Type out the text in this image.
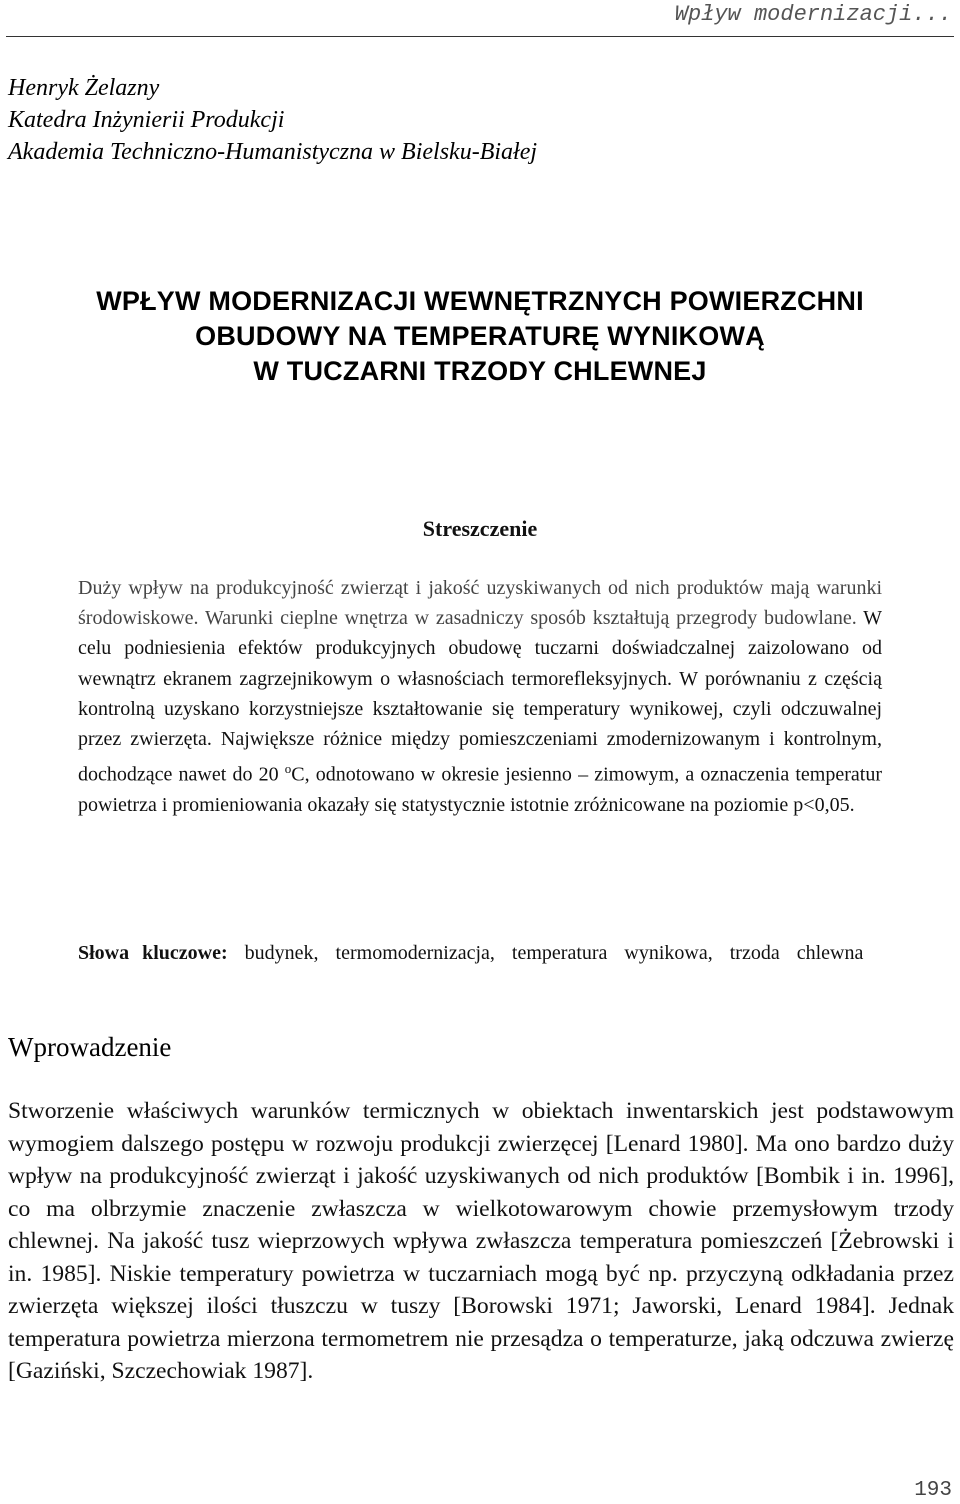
Wpływ modernizacji...
Henryk Żelazny
Katedra Inżynierii Produkcji
Akademia Techniczno-Humanistyczna w Bielsku-Białej
WPŁYW MODERNIZACJI WEWNĘTRZNYCH POWIERZCHNI
OBUDOWY NA TEMPERATURĘ WYNIKOWĄ
W TUCZARNI TRZODY CHLEWNEJ
Streszczenie
Duży wpływ na produkcyjność zwierząt i jakość uzyskiwanych od nich produktów mają warunki środowiskowe. Warunki cieplne wnętrza w zasadniczy sposób kształtują przegrody budowlane. W celu podniesienia efektów produkcyjnych obudowę tuczarni doświadczalnej zaizolowano od wewnątrz ekranem zagrzejnikowym o własnościach termorefleksyjnych. W porównaniu z częścią kontrolną uzyskano korzystniejsze kształtowanie się temperatury wynikowej, czyli odczuwalnej przez zwierzęta. Największe różnice między pomieszczeniami zmodernizowanym i kontrolnym, dochodzące nawet do 20 $^o$C, odnotowano w okresie jesienno – zimowym, a oznaczenia temperatur powietrza i promieniowania okazały się statystycznie istotnie zróżnicowane na poziomie p<0,05.
Słowa kluczowe: budynek, termomodernizacja, temperatura wynikowa, trzoda chlewna
Wprowadzenie
Stworzenie właściwych warunków termicznych w obiektach inwentarskich jest podstawowym wymogiem dalszego postępu w rozwoju produkcji zwierzęcej [Lenard 1980]. Ma ono bardzo duży wpływ na produkcyjność zwierząt i jakość uzyskiwanych od nich produktów [Bombik i in. 1996], co ma olbrzymie znaczenie zwłaszcza w wielkotowarowym chowie przemysłowym trzody chlewnej. Na jakość tusz wieprzowych wpływa zwłaszcza temperatura pomieszczeń [Żebrowski i in. 1985]. Niskie temperatury powietrza w tuczarniach mogą być np. przyczyną odkładania przez zwierzęta większej ilości tłuszczu w tuszy [Borowski 1971; Jaworski, Lenard 1984]. Jednak temperatura powietrza mierzona termometrem nie przesądza o temperaturze, jaką odczuwa zwierzę [Gaziński, Szczechowiak 1987].
193
